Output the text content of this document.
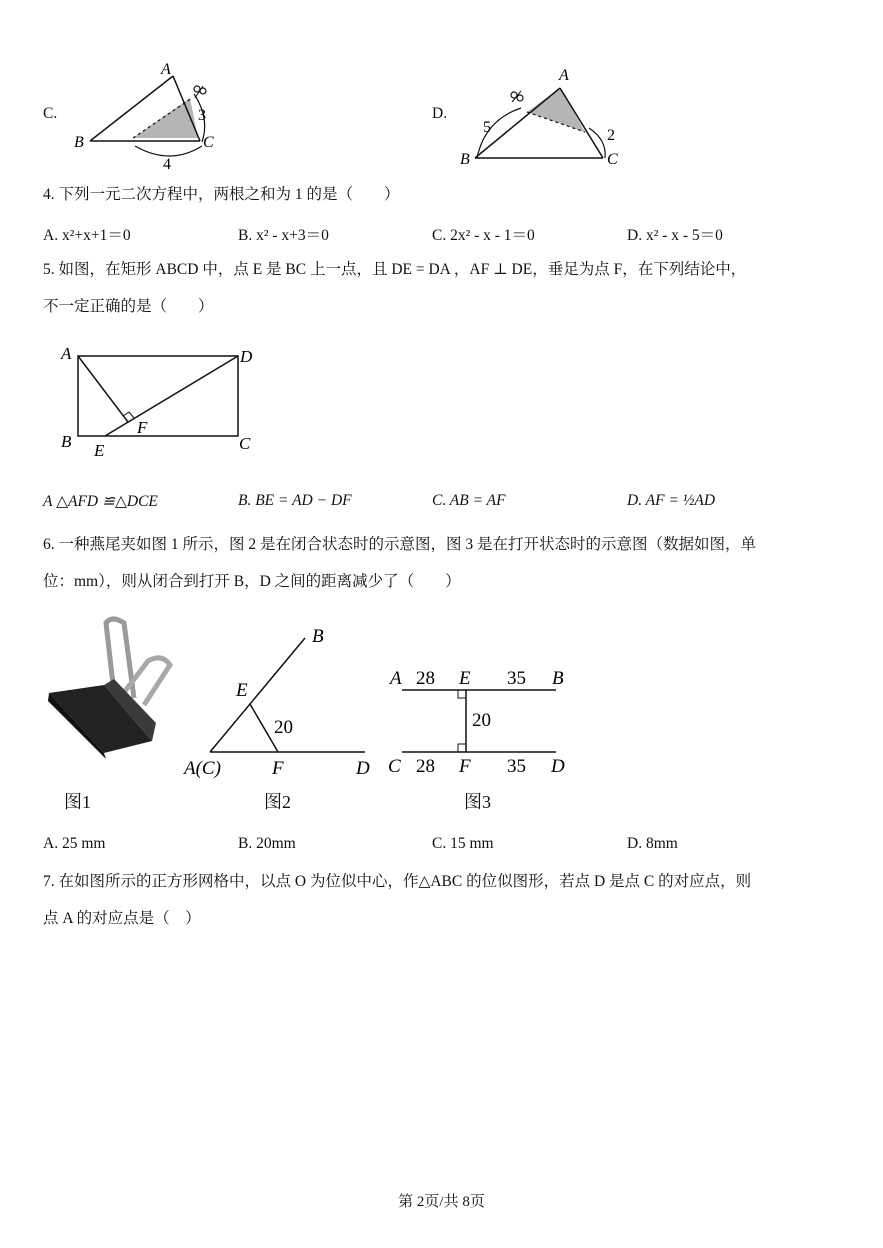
C.
A
B	C
3
4
D.
A
B	C
5	2
4. 下列一元二次方程中，两根之和为 1 的是（　　）
A. x²+x+1＝0	B. x² - x+3＝0	C. 2x² - x - 1＝0	D. x² - x - 5＝0
5. 如图，在矩形 ABCD 中，点 E 是 BC 上一点，且 DE = DA ，AF ⊥ DE，垂足为点 F，在下列结论中，
不一定正确的是（　　）
A	D
B	C
E
F
A △AFD ≌△DCE	B. BE = AD − DF	C. AB = AF	D. AF = ½AD
6. 一种燕尾夹如图 1 所示，图 2 是在闭合状态时的示意图，图 3 是在打开状态时的示意图（数据如图，单
位：mm），则从闭合到打开 B，D 之间的距离减少了（　　）
图1
B
E
A(C)	F	D
20
图2
A 28 E 35 B
20
C 28 F 35 D
图3
A. 25 mm	B. 20mm	C. 15 mm	D. 8mm
7. 在如图所示的正方形网格中，以点 O 为位似中心，作△ABC 的位似图形，若点 D 是点 C 的对应点，则
点 A 的对应点是（　）
第 2页/共 8页
